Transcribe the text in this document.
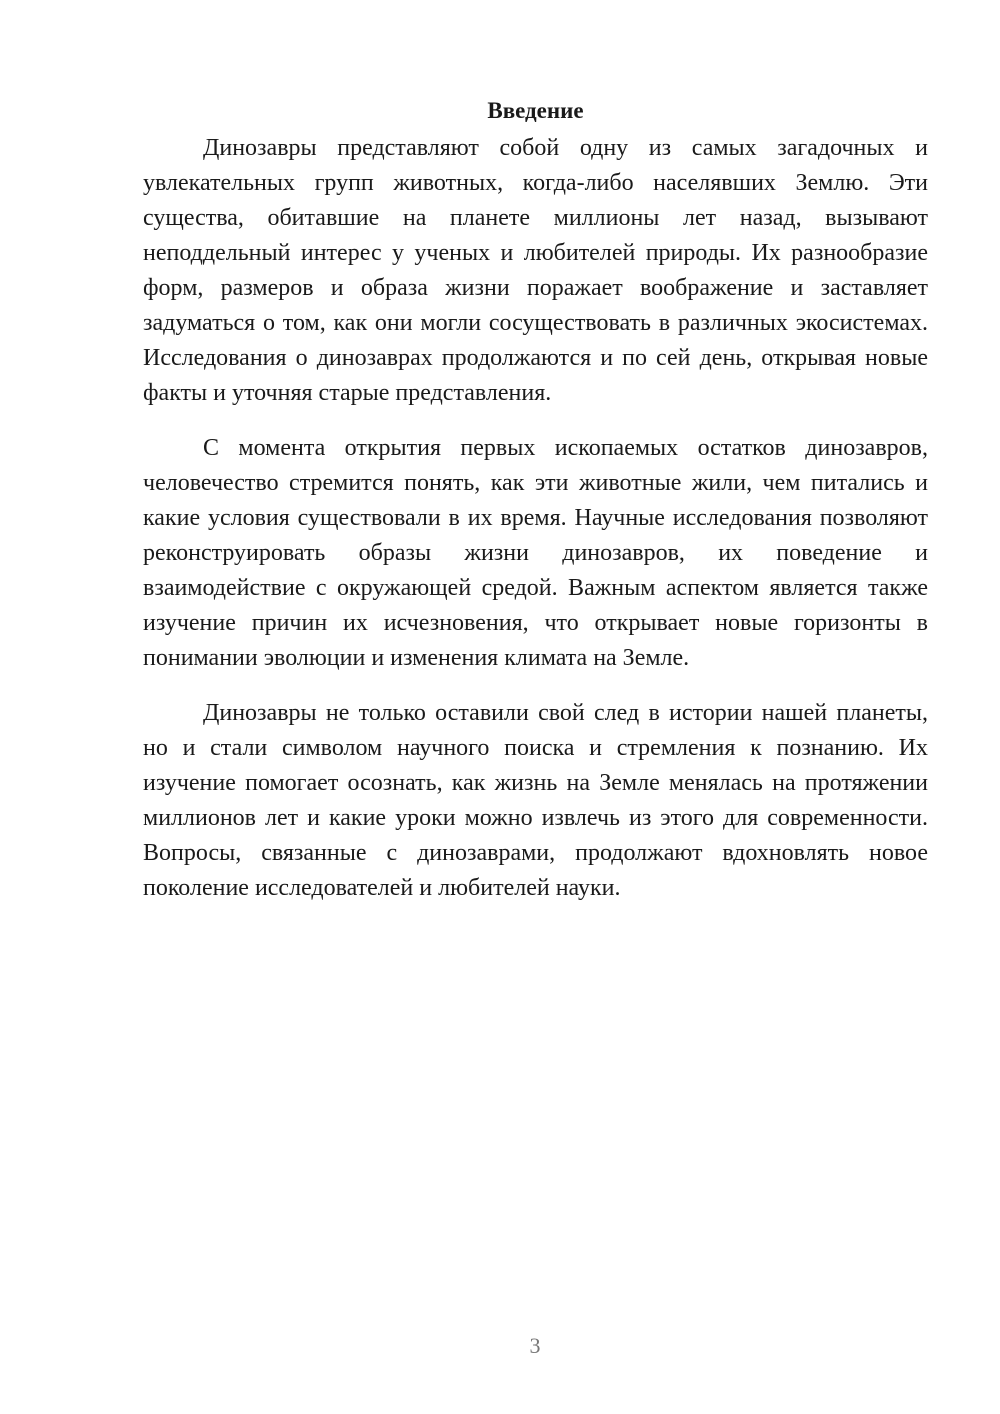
Введение

Динозавры представляют собой одну из самых загадочных и увлекательных групп животных, когда-либо населявших Землю. Эти существа, обитавшие на планете миллионы лет назад, вызывают неподдельный интерес у ученых и любителей природы. Их разнообразие форм, размеров и образа жизни поражает воображение и заставляет задуматься о том, как они могли сосуществовать в различных экосистемах. Исследования о динозаврах продолжаются и по сей день, открывая новые факты и уточняя старые представления.

С момента открытия первых ископаемых остатков динозавров, человечество стремится понять, как эти животные жили, чем питались и какие условия существовали в их время. Научные исследования позволяют реконструировать образы жизни динозавров, их поведение и взаимодействие с окружающей средой. Важным аспектом является также изучение причин их исчезновения, что открывает новые горизонты в понимании эволюции и изменения климата на Земле.

Динозавры не только оставили свой след в истории нашей планеты, но и стали символом научного поиска и стремления к познанию. Их изучение помогает осознать, как жизнь на Земле менялась на протяжении миллионов лет и какие уроки можно извлечь из этого для современности. Вопросы, связанные с динозаврами, продолжают вдохновлять новое поколение исследователей и любителей науки.

3
